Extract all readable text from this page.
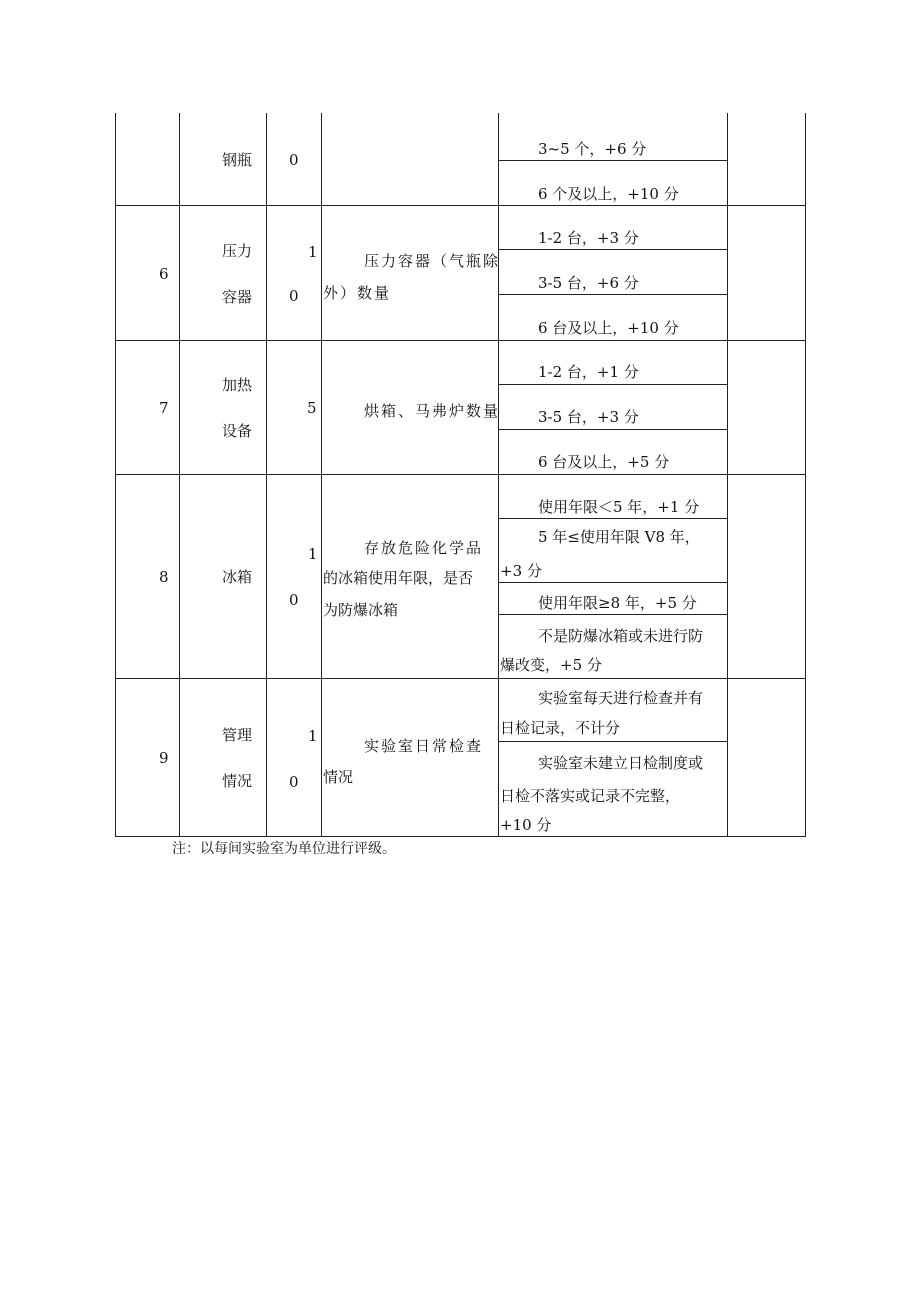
钢瓶 0
3~5 个，+6 分
6 个及以上，+10 分
6
压力
容器
1
0
压力容器（气瓶除
外）数量
1-2 台，+3 分
3-5 台，+6 分
6 台及以上，+10 分
7
加热
设备
5	烘箱、马弗炉数量
1-2 台，+1 分
3-5 台，+3 分
6 台及以上，+5 分
8	冰箱
1
0
存放危险化学品
的冰箱使用年限，是否
为防爆冰箱
使用年限＜5 年，+1 分
5 年≤使用年限 V8 年，
+3 分
使用年限≥8 年，+5 分
不是防爆冰箱或未进行防
爆改变，+5 分
9
管理
情况
1
0
实验室日常检查
情况
实验室每天进行检查并有
日检记录，不计分
实验室未建立日检制度或
日检不落实或记录不完整，
+10 分
注：以每间实验室为单位进行评级。
